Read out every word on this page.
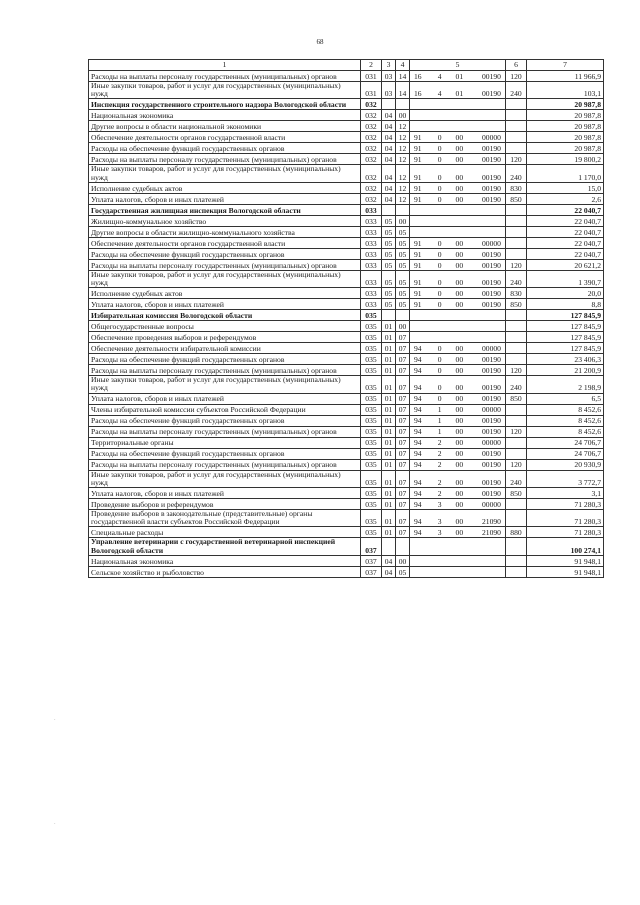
68
1	2	3	4	5	6	7
Расходы на выплаты персоналу государственных (муниципальных) органов	031	03	14	16 4 01 00190	120	11 966,9
Иные закупки товаров, работ и услуг для государственных (муниципальных) нужд	031	03	14	16 4 01 00190	240	103,1
Инспекция государственного строительного надзора Вологодской области	032					20 987,8
Национальная экономика	032	04	00			20 987,8
Другие вопросы в области национальной экономики	032	04	12			20 987,8
Обеспечение деятельности органов государственной власти	032	04	12	91 0 00 00000		20 987,8
Расходы на обеспечение функций государственных органов	032	04	12	91 0 00 00190		20 987,8
Расходы на выплаты персоналу государственных (муниципальных) органов	032	04	12	91 0 00 00190	120	19 800,2
Иные закупки товаров, работ и услуг для государственных (муниципальных) нужд	032	04	12	91 0 00 00190	240	1 170,0
Исполнение судебных актов	032	04	12	91 0 00 00190	830	15,0
Уплата налогов, сборов и иных платежей	032	04	12	91 0 00 00190	850	2,6
Государственная жилищная инспекция Вологодской области	033					22 040,7
Жилищно-коммунальное хозяйство	033	05	00			22 040,7
Другие вопросы в области жилищно-коммунального хозяйства	033	05	05			22 040,7
Обеспечение деятельности органов государственной власти	033	05	05	91 0 00 00000		22 040,7
Расходы на обеспечение функций государственных органов	033	05	05	91 0 00 00190		22 040,7
Расходы на выплаты персоналу государственных (муниципальных) органов	033	05	05	91 0 00 00190	120	20 621,2
Иные закупки товаров, работ и услуг для государственных (муниципальных) нужд	033	05	05	91 0 00 00190	240	1 390,7
Исполнение судебных актов	033	05	05	91 0 00 00190	830	20,0
Уплата налогов, сборов и иных платежей	033	05	05	91 0 00 00190	850	8,8
Избирательная комиссия Вологодской области	035					127 845,9
Общегосударственные вопросы	035	01	00			127 845,9
Обеспечение проведения выборов и референдумов	035	01	07			127 845,9
Обеспечение деятельности избирательной комиссии	035	01	07	94 0 00 00000		127 845,9
Расходы на обеспечение функций государственных органов	035	01	07	94 0 00 00190		23 406,3
Расходы на выплаты персоналу государственных (муниципальных) органов	035	01	07	94 0 00 00190	120	21 200,9
Иные закупки товаров, работ и услуг для государственных (муниципальных) нужд	035	01	07	94 0 00 00190	240	2 198,9
Уплата налогов, сборов и иных платежей	035	01	07	94 0 00 00190	850	6,5
Члены избирательной комиссии субъектов Российской Федерации	035	01	07	94 1 00 00000		8 452,6
Расходы на обеспечение функций государственных органов	035	01	07	94 1 00 00190		8 452,6
Расходы на выплаты персоналу государственных (муниципальных) органов	035	01	07	94 1 00 00190	120	8 452,6
Территориальные органы	035	01	07	94 2 00 00000		24 706,7
Расходы на обеспечение функций государственных органов	035	01	07	94 2 00 00190		24 706,7
Расходы на выплаты персоналу государственных (муниципальных) органов	035	01	07	94 2 00 00190	120	20 930,9
Иные закупки товаров, работ и услуг для государственных (муниципальных) нужд	035	01	07	94 2 00 00190	240	3 772,7
Уплата налогов, сборов и иных платежей	035	01	07	94 2 00 00190	850	3,1
Проведение выборов и референдумов	035	01	07	94 3 00 00000		71 280,3
Проведение выборов в законодательные (представительные) органы государственной власти субъектов Российской Федерации	035	01	07	94 3 00 21090		71 280,3
Специальные расходы	035	01	07	94 3 00 21090	880	71 280,3
Управление ветеринарии с государственной ветеринарной инспекцией Вологодской области	037					100 274,1
Национальная экономика	037	04	00			91 948,1
Сельское хозяйство и рыболовство	037	04	05			91 948,1
·
·
